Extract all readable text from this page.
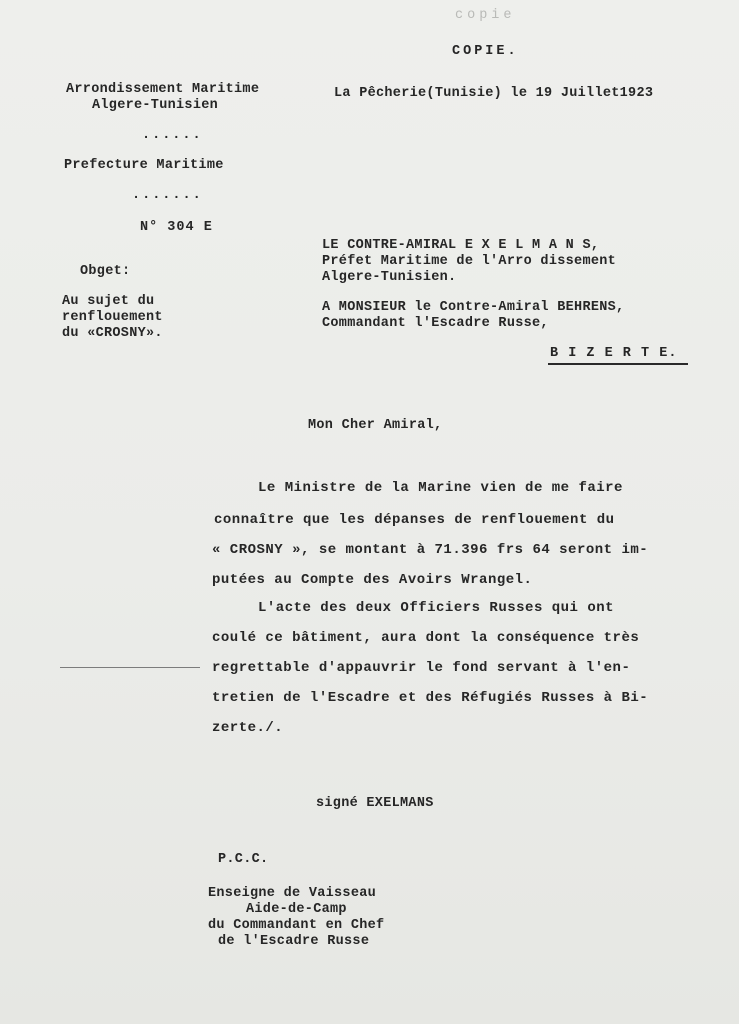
copie
COPIE.
Arrondissement Maritime
Algere-Tunisien
La Pêcherie(Tunisie) le 19 Juillet1923
......
Prefecture Maritime
.......
N° 304 E
Obget:
Au sujet du
renflouement
du «CROSNY».
LE CONTRE-AMIRAL E X E L M A N S,
Préfet Maritime de l'Arro dissement
Algere-Tunisien.
A MONSIEUR le Contre-Amiral BEHRENS,
Commandant l'Escadre Russe,
B I Z E R T E.
Mon Cher Amiral,
Le Ministre de la Marine vien de me faire
connaître que les dépanses de renflouement du
« CROSNY », se montant à 71.396 frs 64 seront im-
putées au Compte des Avoirs Wrangel.
L'acte des deux Officiers Russes qui ont
coulé ce bâtiment, aura dont la conséquence très
regrettable d'appauvrir le fond servant à l'en-
tretien de l'Escadre et des Réfugiés Russes à Bi-
zerte./.
signé EXELMANS
P.C.C.
Enseigne de Vaisseau
Aide-de-Camp
du Commandant en Chef
de l'Escadre Russe
